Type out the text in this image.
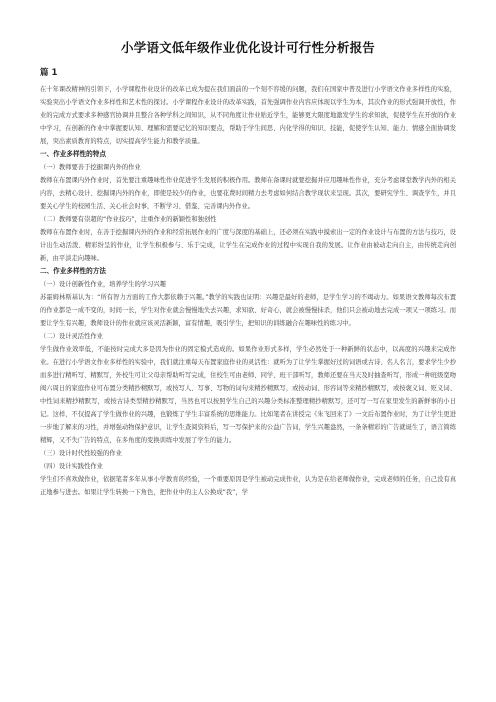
小学语文低年级作业优化设计可行性分析报告
篇 1

在十年课改精神的引领下，小学课程作业设计的改革已成为提在我们面前的一个刻不容缓的问题，我们在国家中普及进行小学语文作业多样性的实验，实验突出小学语文作业多样性和艺术性的探讨。小学课程作业设计的改革实践，首先强调作业内容应体现以学生为本，其次作业的形式强调开放性，作业的完成方式要求多种感官协调并且整合各种学科之间知识，从不同角度让作业贴近学生，能够更大限度地激发学生的求知欲，促使学生在开放的作业中学习，在创新的作业中掌握要认知、理解和需要记忆的知识要点，帮助于学生间思、内化学得的知识、技能，促使学生认知、能力、情感全面协调发展，突出素质教育的特点，切实提高学生能力和教学质量。

一、作业多样性的特点
（一）教师要善于挖掘课内外的作业

教师在布置课内外作业时，首先要注重趣味性作业促进学生发展的积极作用。教师在备课时就要挖掘并应用趣味性作业，充分考虑课堂教学内外的相关内容，去精心设计、挖掘课内外的作业，即使是较少的作业，也要花费时间精力去考虑如何结合教学现状来呈现。其次，要研究学生、调查学生，并且要关心学生的校园生活、关心社会时事，不断学习、借鉴、完善课内外作业。

（二）教师要有崇超的“作业技巧”，注重作业的新颖性和独创性

教师在布置作业时，在善于挖掘课内外的作业和经常拓展作业的广度与深度的基础上，还必须在实践中摸索出一定的作业设计与布置的方法与技巧，设计出生动活泼、精彩纷呈的作业，让学生积极参与、乐于完成，让学生在完成作业的过程中实现自我的发展。让作业由被动走向自主，由传统走向创新，由平淡走向趣味。

二、作业多样性的方法
（一）设计创新性作业，培养学生的学习兴趣

苏霍姆林斯基认为：“所有智力方面的工作大都依赖于兴趣。”教学的实践也证明：兴趣是最好的老师，是学生学习的不竭动力。如果语文教师每次布置的作业都是一成不变的，时间一长，学生对作业就会慢慢地失去兴趣，求知欲、好奇心，就会被慢慢抹杀，他们只会被动地去完成一项又一项练习。而要让学生有兴趣，教师设计的作业就应该灵活新颖，富有情趣，吸引学生，把知识的训练融合在趣味性的练习中。

（二）设计灵活性作业

学生做作业效率低，不能按时完成大多是因为作业的固定模式造成的。如果作业形式多样，学生必然处于一种新鲜的状态中，以高度的兴趣来完成作业。在进行小学语文作业多样性的实验中，我们就注重每天布置家庭作业的灵活性：就听为了让学生掌握好过的词语或古诗、名人名言，要求学生少抄而多进行精听写、精默写，外校生可让父母亲帮助听写完成，住校生可由老师、同学、班干部听写，教师还要在当天及时抽查听写，形成一种班级宽吻阀六周日的家庭作业可布置分类精抄精默写，或按写人、写事、写物的词句来精抄精默写，或按动词、形容词等来精抄精默写，或按褒义词、贬义词、中性词来精抄精默写，或按古诗类型精抄精默写，当然也可以按照学生自己的兴趣分类标准整理精抄精默写，还可写一写在家里发生的新鲜事的小日记。这样，不仅提高了学生做作业的兴趣，也锻炼了学生丰富系统的思维能力。比如笔者在讲授完《朱飞回来了》一文后布置作业时，为了让学生更进一步地了解来的习性，并增强动物保护意识，让学生查阅资料后，写一写保护来的公益广告词，学生兴趣盎然，一条条精彩的广告就诞生了，语言简练精辉，又不失广告的特点，在多角度的变换训练中发展了学生的能力。

（三）设计时代性较强的作业
（四）设计实践性作业

学生们不喜欢做作业，依据笔者多年从事小学教育的经验，一个重要原因是学生被动完成作业，认为是在给老师做作业，完成老师的任务，自己没有真正地参与进去。如果让学生转换一下角色，把作业中的主人公换成“我”，学
